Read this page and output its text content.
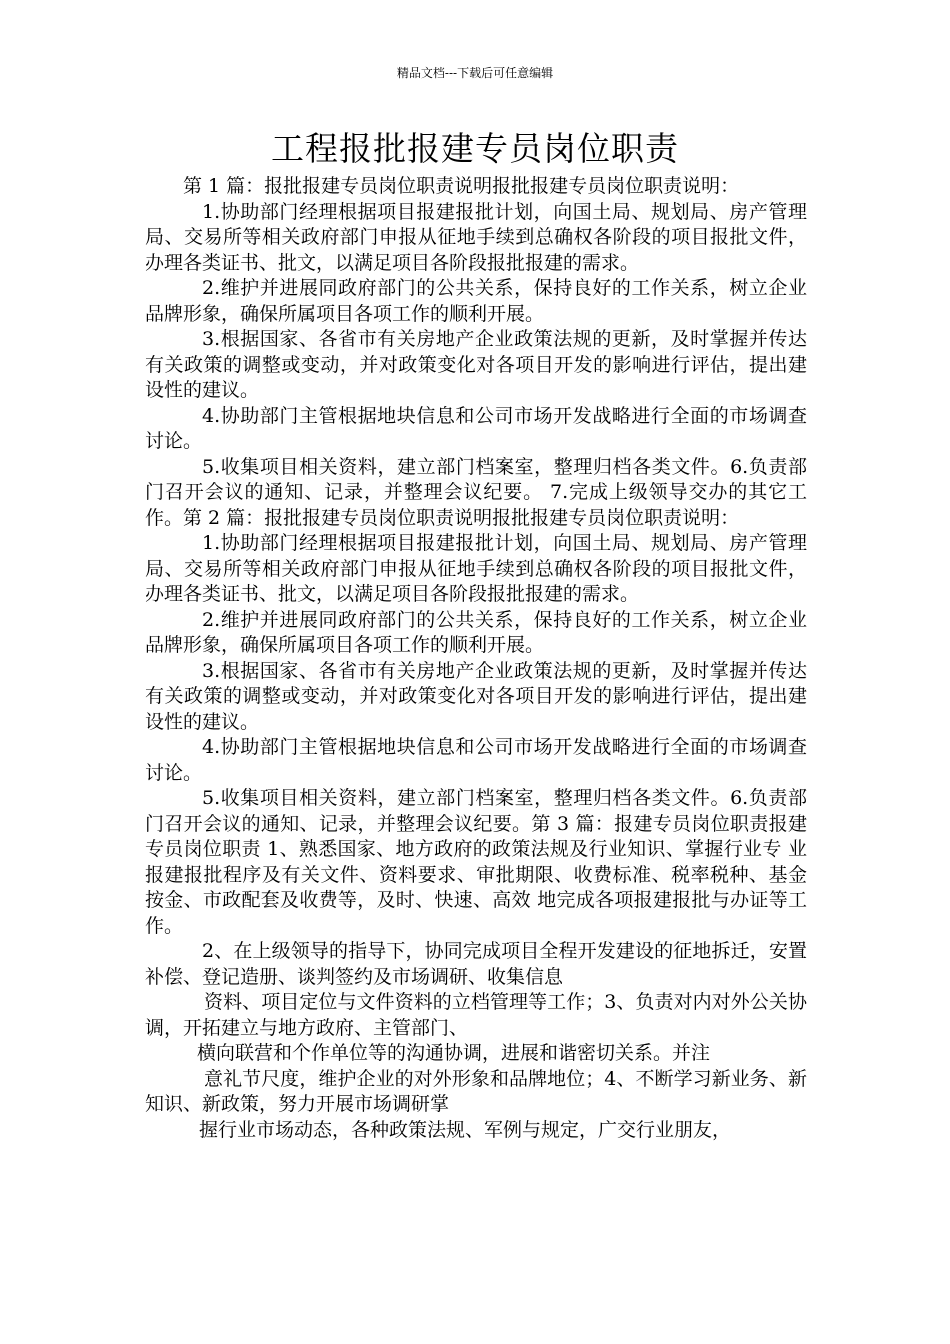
精品文档---下载后可任意编辑
工程报批报建专员岗位职责

第 1 篇：报批报建专员岗位职责说明报批报建专员岗位职责说明：

1.协助部门经理根据项目报建报批计划，向国土局、规划局、房产管理局、交易所等相关政府部门申报从征地手续到总确权各阶段的项目报批文件，办理各类证书、批文，以满足项目各阶段报批报建的需求。

2.维护并进展同政府部门的公共关系，保持良好的工作关系，树立企业品牌形象，确保所属项目各项工作的顺利开展。

3.根据国家、各省市有关房地产企业政策法规的更新，及时掌握并传达有关政策的调整或变动，并对政策变化对各项目开发的影响进行评估，提出建设性的建议。

4.协助部门主管根据地块信息和公司市场开发战略进行全面的市场调查讨论。

5.收集项目相关资料，建立部门档案室，整理归档各类文件。6.负责部门召开会议的通知、记录，并整理会议纪要。 7.完成上级领导交办的其它工作。第 2 篇：报批报建专员岗位职责说明报批报建专员岗位职责说明：

1.协助部门经理根据项目报建报批计划，向国土局、规划局、房产管理局、交易所等相关政府部门申报从征地手续到总确权各阶段的项目报批文件，办理各类证书、批文，以满足项目各阶段报批报建的需求。

2.维护并进展同政府部门的公共关系，保持良好的工作关系，树立企业品牌形象，确保所属项目各项工作的顺利开展。

3.根据国家、各省市有关房地产企业政策法规的更新，及时掌握并传达有关政策的调整或变动，并对政策变化对各项目开发的影响进行评估，提出建设性的建议。

4.协助部门主管根据地块信息和公司市场开发战略进行全面的市场调查讨论。

5.收集项目相关资料，建立部门档案室，整理归档各类文件。6.负责部门召开会议的通知、记录，并整理会议纪要。第 3 篇：报建专员岗位职责报建专员岗位职责 1、熟悉国家、地方政府的政策法规及行业知识、掌握行业专 业报建报批程序及有关文件、资料要求、审批期限、收费标准、税率税种、基金按金、市政配套及收费等，及时、快速、高效 地完成各项报建报批与办证等工作。

2、在上级领导的指导下，协同完成项目全程开发建设的征地拆迁，安置补偿、登记造册、谈判签约及市场调研、收集信息

资料、项目定位与文件资料的立档管理等工作；3、负责对内对外公关协调，开拓建立与地方政府、主管部门、

横向联营和个作单位等的沟通协调，进展和谐密切关系。并注

意礼节尺度，维护企业的对外形象和品牌地位；4、不断学习新业务、新知识、新政策，努力开展市场调研掌

握行业市场动态，各种政策法规、军例与规定，广交行业朋友，
